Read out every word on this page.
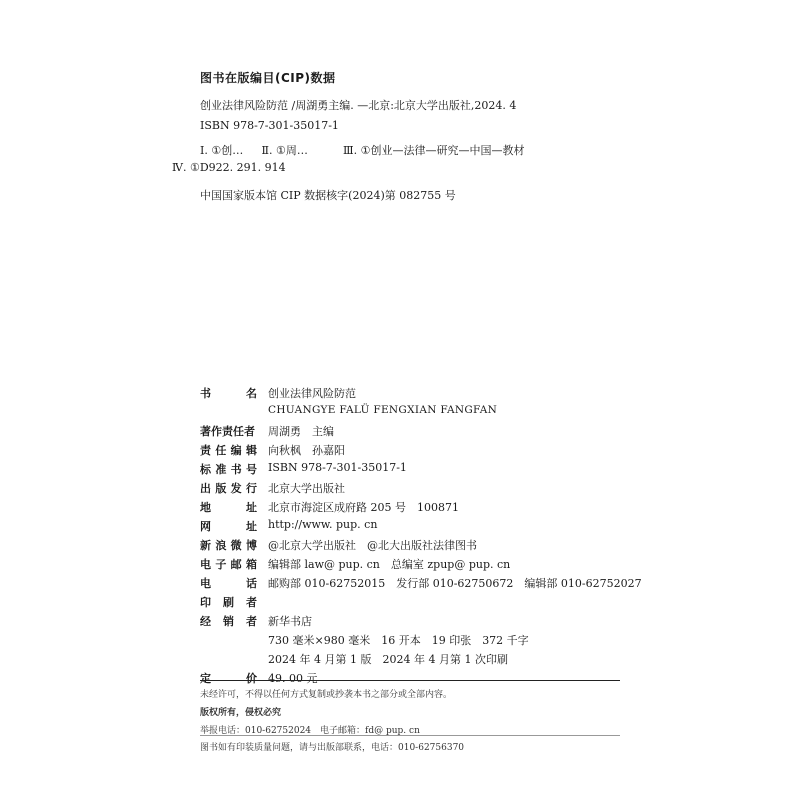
图书在版编目(CIP)数据
创业法律风险防范 /周湖勇主编. —北京:北京大学出版社,2024. 4
ISBN 978-7-301-35017-1
Ⅰ. ①创… Ⅱ. ①周…	Ⅲ. ①创业—法律—研究—中国—教材
Ⅳ. ①D922. 291. 914
中国国家版本馆 CIP 数据核字(2024)第 082755 号
书	名 创业法律风险防范
CHUANGYE FALÜ FENGXIAN FANGFAN
著作责任者 周湖勇　主编
责 任 编 辑 向秋枫　孙嘉阳
标 准 书 号 ISBN 978-7-301-35017-1
出 版 发 行 北京大学出版社
地	址 北京市海淀区成府路 205 号　100871
网	址 http://www. pup. cn
新 浪 微 博 @北京大学出版社　@北大出版社法律图书
电 子 邮 箱 编辑部 law@ pup. cn　总编室 zpup@ pup. cn
电	话 邮购部 010-62752015　发行部 010-62750672　编辑部 010-62752027
印 刷 者
经 销 者 新华书店
730 毫米×980 毫米　16 开本　19 印张　372 千字
2024 年 4 月第 1 版　2024 年 4 月第 1 次印刷
定	价 49. 00 元
未经许可，不得以任何方式复制或抄袭本书之部分或全部内容。
版权所有，侵权必究
举报电话：010-62752024　电子邮箱：fd@ pup. cn
图书如有印装质量问题，请与出版部联系，电话：010-62756370
